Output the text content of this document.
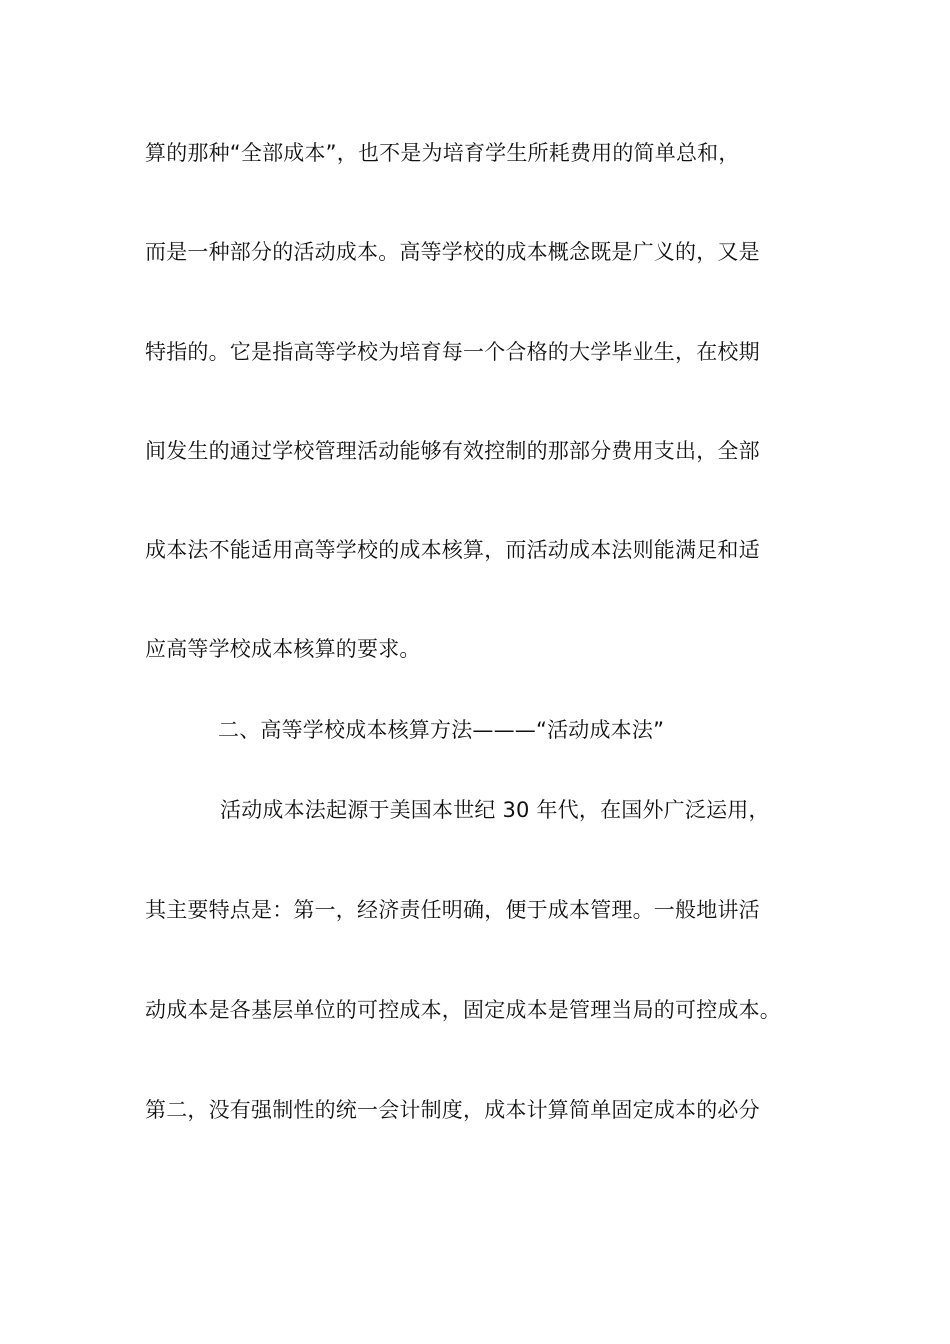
算的那种“全部成本”，也不是为培育学生所耗费用的简单总和，
而是一种部分的活动成本。高等学校的成本概念既是广义的，又是
特指的。它是指高等学校为培育每一个合格的大学毕业生，在校期
间发生的通过学校管理活动能够有效控制的那部分费用支出，全部
成本法不能适用高等学校的成本核算，而活动成本法则能满足和适
应高等学校成本核算的要求。
二、高等学校成本核算方法———“活动成本法”
活动成本法起源于美国本世纪 30 年代，在国外广泛运用，
其主要特点是：第一，经济责任明确，便于成本管理。一般地讲活
动成本是各基层单位的可控成本，固定成本是管理当局的可控成本。
第二，没有强制性的统一会计制度，成本计算简单固定成本的必分
